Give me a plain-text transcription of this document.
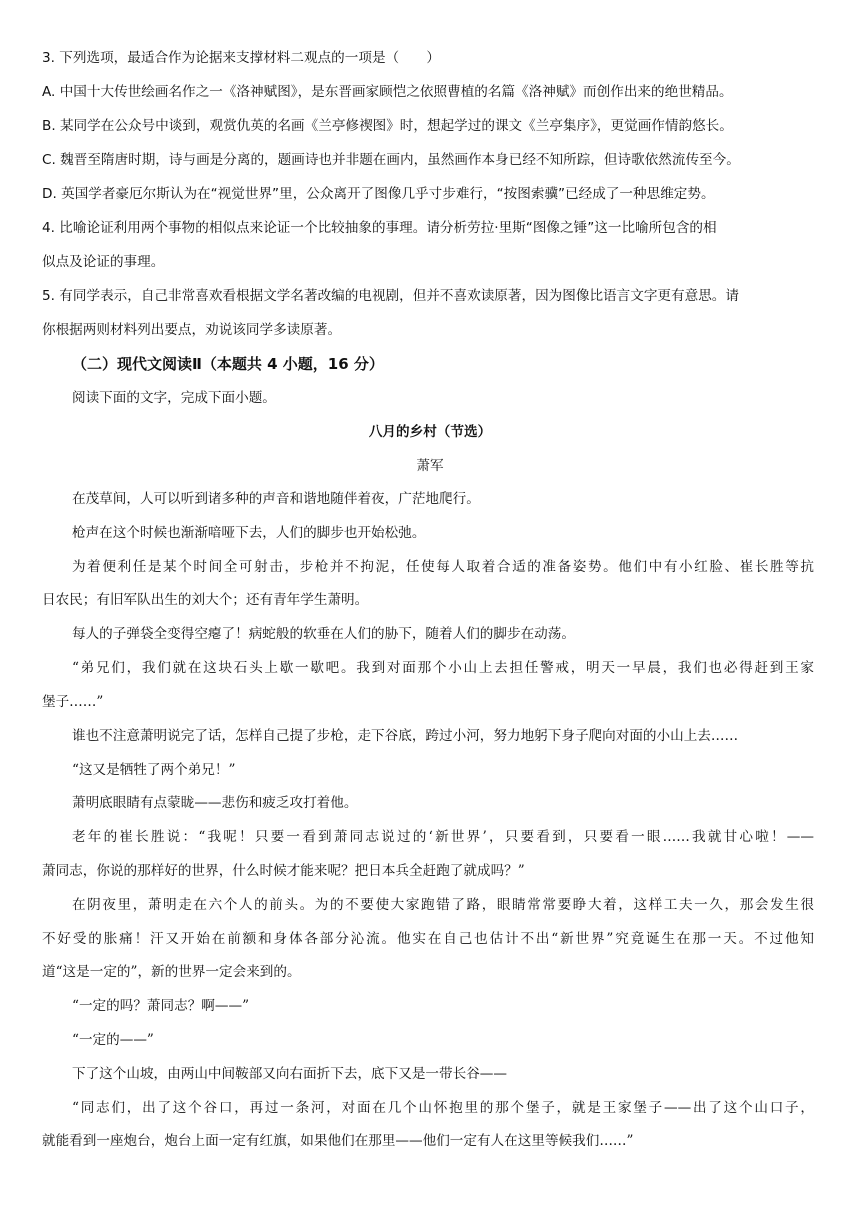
3. 下列选项，最适合作为论据来支撑材料二观点的一项是（　　）
A. 中国十大传世绘画名作之一《洛神赋图》，是东晋画家顾恺之依照曹植的名篇《洛神赋》而创作出来的绝世精品。
B. 某同学在公众号中谈到，观赏仇英的名画《兰亭修禊图》时，想起学过的课文《兰亭集序》，更觉画作情韵悠长。
C. 魏晋至隋唐时期，诗与画是分离的，题画诗也并非题在画内，虽然画作本身已经不知所踪，但诗歌依然流传至今。
D. 英国学者豪厄尔斯认为在“视觉世界”里，公众离开了图像几乎寸步难行，“按图索骥”已经成了一种思维定势。
4. 比喻论证利用两个事物的相似点来论证一个比较抽象的事理。请分析劳拉·里斯“图像之锤”这一比喻所包含的相
似点及论证的事理。
5. 有同学表示，自己非常喜欢看根据文学名著改编的电视剧，但并不喜欢读原著，因为图像比语言文字更有意思。请
你根据两则材料列出要点，劝说该同学多读原著。
（二）现代文阅读Ⅱ（本题共 4 小题，16 分）
阅读下面的文字，完成下面小题。
八月的乡村（节选）
萧军
在茂草间，人可以听到诸多种的声音和谐地随伴着夜，广茫地爬行。
枪声在这个时候也渐渐喑哑下去，人们的脚步也开始松弛。
为着便利任是某个时间全可射击，步枪并不拘泥，任使每人取着合适的准备姿势。他们中有小红脸、崔长胜等抗
日农民；有旧军队出生的刘大个；还有青年学生萧明。
每人的子弹袋全变得空瘪了！病蛇般的软垂在人们的胁下，随着人们的脚步在动荡。
“弟兄们，我们就在这块石头上歇一歇吧。我到对面那个小山上去担任警戒，明天一早晨，我们也必得赶到王家
堡子……”
谁也不注意萧明说完了话，怎样自己提了步枪，走下谷底，跨过小河，努力地躬下身子爬向对面的小山上去……
“这又是牺牲了两个弟兄！”
萧明底眼睛有点蒙眬——悲伤和疲乏攻打着他。
老年的崔长胜说：“我呢！只要一看到萧同志说过的‘新世界’，只要看到，只要看一眼……我就甘心啦！——
萧同志，你说的那样好的世界，什么时候才能来呢？把日本兵全赶跑了就成吗？”
在阴夜里，萧明走在六个人的前头。为的不要使大家跑错了路，眼睛常常要睁大着，这样工夫一久，那会发生很
不好受的胀痛！汗又开始在前额和身体各部分沁流。他实在自己也估计不出“新世界”究竟诞生在那一天。不过他知
道“这是一定的”，新的世界一定会来到的。
“一定的吗？萧同志？啊——”
“一定的——”
下了这个山坡，由两山中间鞍部又向右面折下去，底下又是一带长谷——
“同志们，出了这个谷口，再过一条河，对面在几个山怀抱里的那个堡子，就是王家堡子——出了这个山口子，
就能看到一座炮台，炮台上面一定有红旗，如果他们在那里——他们一定有人在这里等候我们……”
